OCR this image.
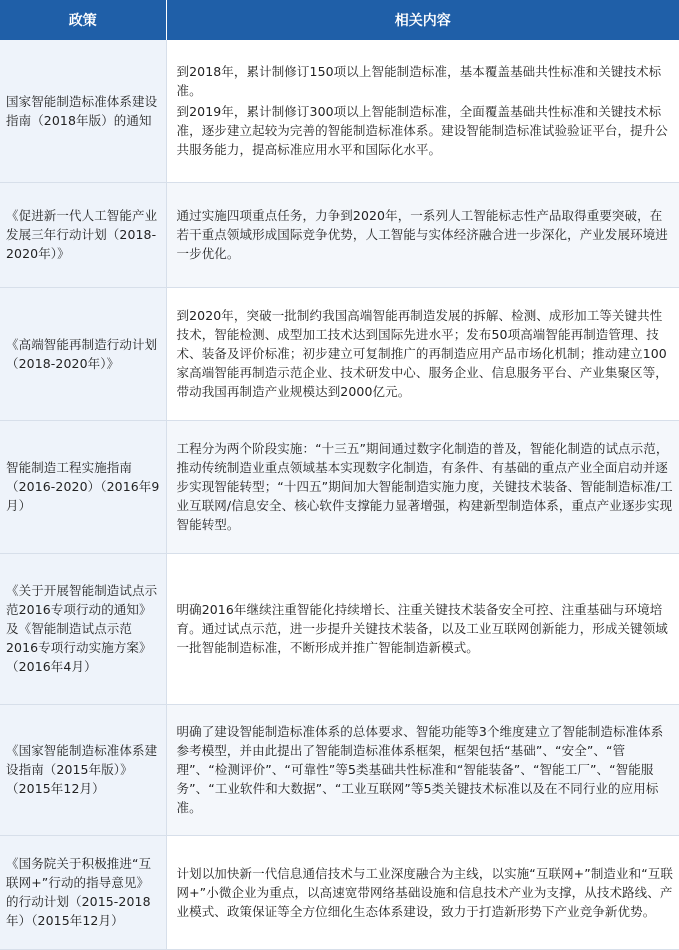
政策	相关内容
国家智能制造标准体系建设指南（2018年版）的通知	到2018年，累计制修订150项以上智能制造标准，基本覆盖基础共性标准和关键技术标准。
到2019年，累计制修订300项以上智能制造标准，全面覆盖基础共性标准和关键技术标准，逐步建立起较为完善的智能制造标准体系。建设智能制造标准试验验证平台，提升公共服务能力，提高标准应用水平和国际化水平。

《促进新一代人工智能产业发展三年行动计划（2018-2020年）》	通过实施四项重点任务，力争到2020年，一系列人工智能标志性产品取得重要突破，在若干重点领域形成国际竞争优势，人工智能与实体经济融合进一步深化，产业发展环境进一步优化。

《高端智能再制造行动计划（2018-2020年）》	到2020年，突破一批制约我国高端智能再制造发展的拆解、检测、成形加工等关键共性技术，智能检测、成型加工技术达到国际先进水平；发布50项高端智能再制造管理、技术、装备及评价标准；初步建立可复制推广的再制造应用产品市场化机制；推动建立100家高端智能再制造示范企业、技术研发中心、服务企业、信息服务平台、产业集聚区等，带动我国再制造产业规模达到2000亿元。

智能制造工程实施指南（2016-2020）（2016年9月）	工程分为两个阶段实施：“十三五”期间通过数字化制造的普及，智能化制造的试点示范，推动传统制造业重点领域基本实现数字化制造，有条件、有基础的重点产业全面启动并逐步实现智能转型；“十四五”期间加大智能制造实施力度，关键技术装备、智能制造标准/工业互联网/信息安全、核心软件支撑能力显著增强，构建新型制造体系，重点产业逐步实现智能转型。

《关于开展智能制造试点示范2016专项行动的通知》及《智能制造试点示范2016专项行动实施方案》（2016年4月）	明确2016年继续注重智能化持续增长、注重关键技术装备安全可控、注重基础与环境培育。通过试点示范，进一步提升关键技术装备，以及工业互联网创新能力，形成关键领域一批智能制造标准，不断形成并推广智能制造新模式。

《国家智能制造标准体系建设指南（2015年版）》（2015年12月）	明确了建设智能制造标准体系的总体要求、智能功能等3个维度建立了智能制造标准体系参考模型，并由此提出了智能制造标准体系框架，框架包括“基础”、“安全”、“管理”、“检测评价”、“可靠性”等5类基础共性标准和“智能装备”、“智能工厂”、“智能服务”、“工业软件和大数据”、“工业互联网”等5类关键技术标准以及在不同行业的应用标准。

《国务院关于积极推进“互联网+”行动的指导意见》的行动计划（2015-2018年）（2015年12月）	计划以加快新一代信息通信技术与工业深度融合为主线，以实施“互联网+”制造业和“互联网+”小微企业为重点，以高速宽带网络基础设施和信息技术产业为支撑，从技术路线、产业模式、政策保证等全方位细化生态体系建设，致力于打造新形势下产业竞争新优势。
